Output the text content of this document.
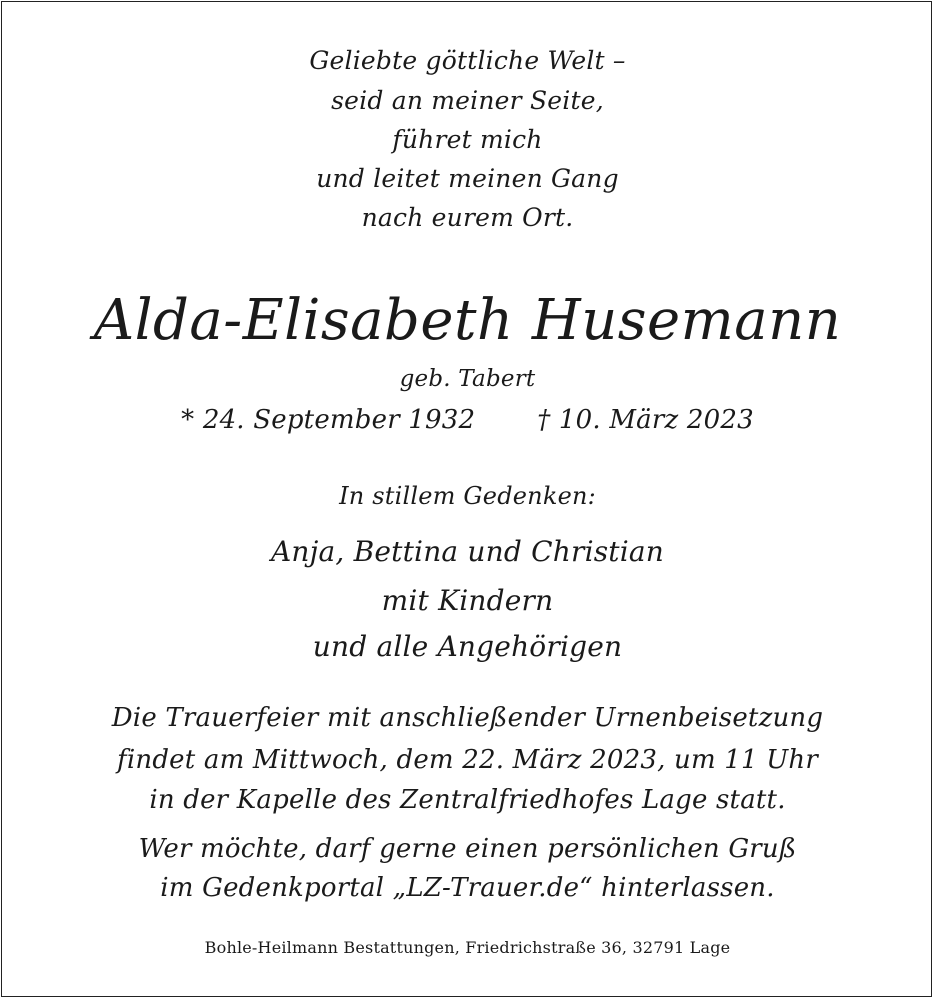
Geliebte göttliche Welt –
seid an meiner Seite,
führet mich
und leitet meinen Gang
nach eurem Ort.
Alda-Elisabeth Husemann
geb. Tabert
* 24. September 1932 † 10. März 2023
In stillem Gedenken:
Anja, Bettina und Christian
mit Kindern
und alle Angehörigen
Die Trauerfeier mit anschließender Urnenbeisetzung
findet am Mittwoch, dem 22. März 2023, um 11 Uhr
in der Kapelle des Zentralfriedhofes Lage statt.
Wer möchte, darf gerne einen persönlichen Gruß
im Gedenkportal „LZ-Trauer.de“ hinterlassen.
Bohle-Heilmann Bestattungen, Friedrichstraße 36, 32791 Lage
